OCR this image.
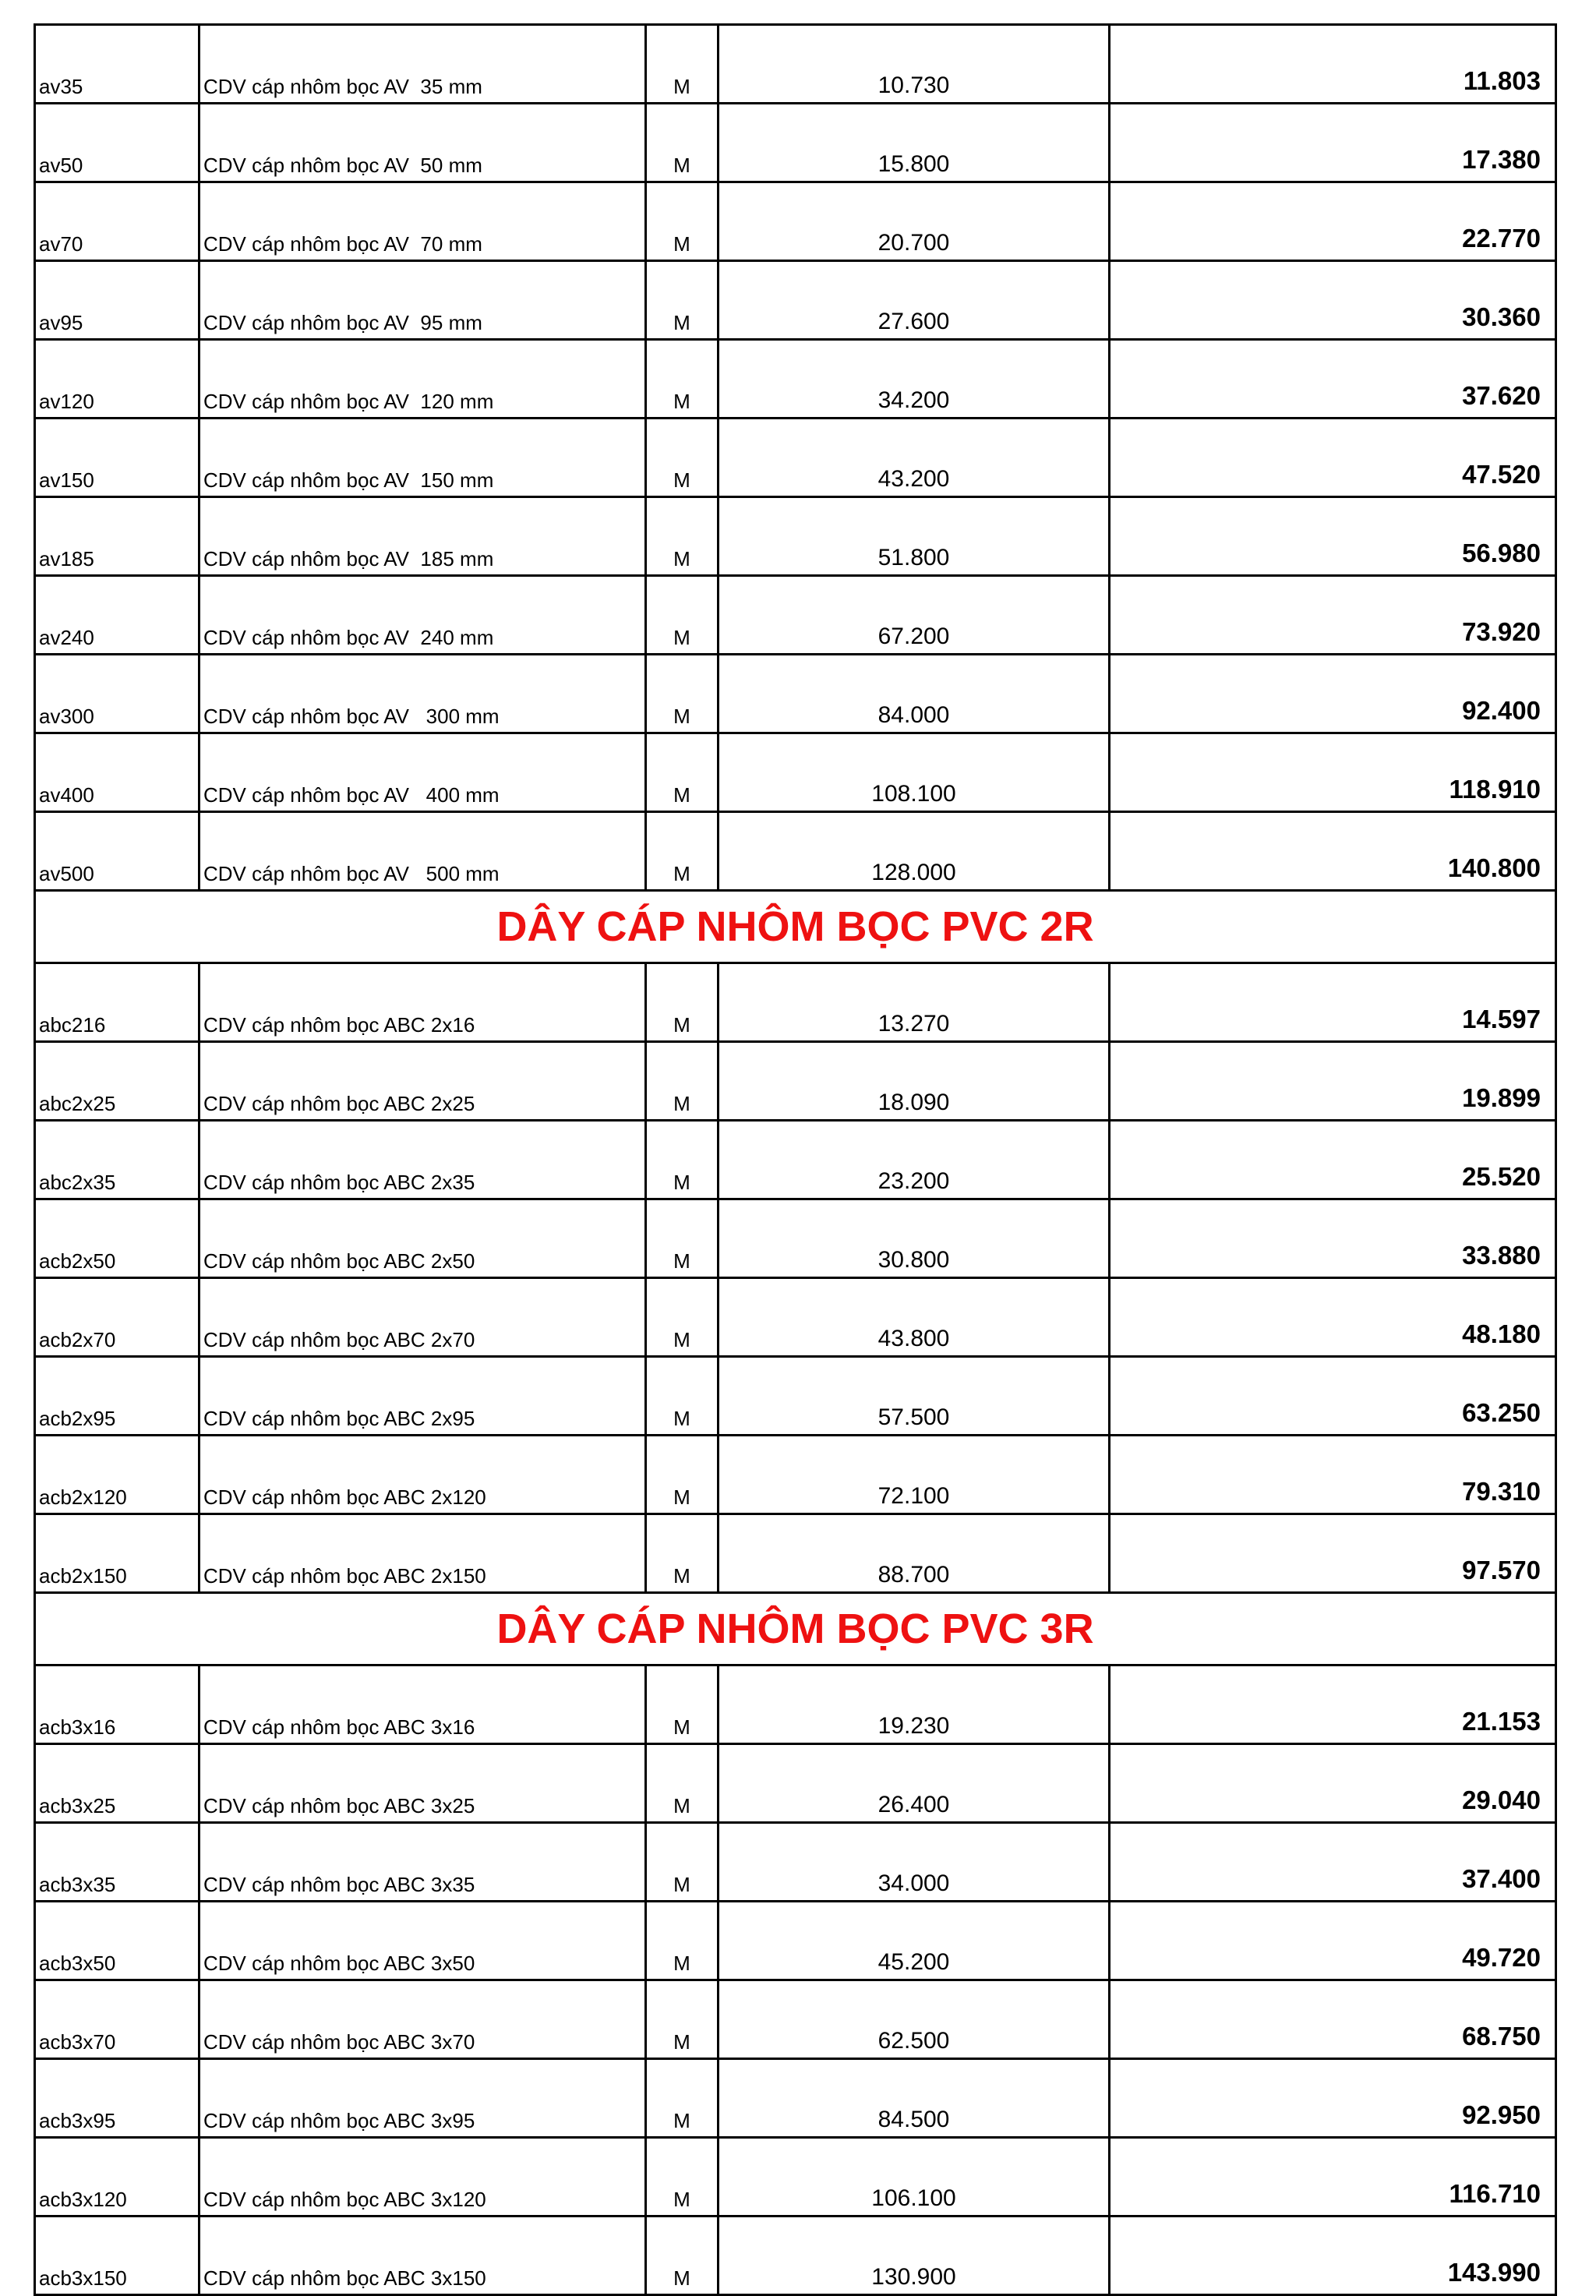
av35	CDV cáp nhôm bọc AV  35 mm	M	10.730	11.803
av50	CDV cáp nhôm bọc AV  50 mm	M	15.800	17.380
av70	CDV cáp nhôm bọc AV  70 mm	M	20.700	22.770
av95	CDV cáp nhôm bọc AV  95 mm	M	27.600	30.360
av120	CDV cáp nhôm bọc AV  120 mm	M	34.200	37.620
av150	CDV cáp nhôm bọc AV  150 mm	M	43.200	47.520
av185	CDV cáp nhôm bọc AV  185 mm	M	51.800	56.980
av240	CDV cáp nhôm bọc AV  240 mm	M	67.200	73.920
av300	CDV cáp nhôm bọc AV   300 mm	M	84.000	92.400
av400	CDV cáp nhôm bọc AV   400 mm	M	108.100	118.910
av500	CDV cáp nhôm bọc AV   500 mm	M	128.000	140.800
DÂY CÁP NHÔM BỌC PVC 2R				
abc216	CDV cáp nhôm bọc ABC 2x16	M	13.270	14.597
abc2x25	CDV cáp nhôm bọc ABC 2x25	M	18.090	19.899
abc2x35	CDV cáp nhôm bọc ABC 2x35	M	23.200	25.520
acb2x50	CDV cáp nhôm bọc ABC 2x50	M	30.800	33.880
acb2x70	CDV cáp nhôm bọc ABC 2x70	M	43.800	48.180
acb2x95	CDV cáp nhôm bọc ABC 2x95	M	57.500	63.250
acb2x120	CDV cáp nhôm bọc ABC 2x120	M	72.100	79.310
acb2x150	CDV cáp nhôm bọc ABC 2x150	M	88.700	97.570
DÂY CÁP NHÔM BỌC PVC 3R				
acb3x16	CDV cáp nhôm bọc ABC 3x16	M	19.230	21.153
acb3x25	CDV cáp nhôm bọc ABC 3x25	M	26.400	29.040
acb3x35	CDV cáp nhôm bọc ABC 3x35	M	34.000	37.400
acb3x50	CDV cáp nhôm bọc ABC 3x50	M	45.200	49.720
acb3x70	CDV cáp nhôm bọc ABC 3x70	M	62.500	68.750
acb3x95	CDV cáp nhôm bọc ABC 3x95	M	84.500	92.950
acb3x120	CDV cáp nhôm bọc ABC 3x120	M	106.100	116.710
acb3x150	CDV cáp nhôm bọc ABC 3x150	M	130.900	143.990
